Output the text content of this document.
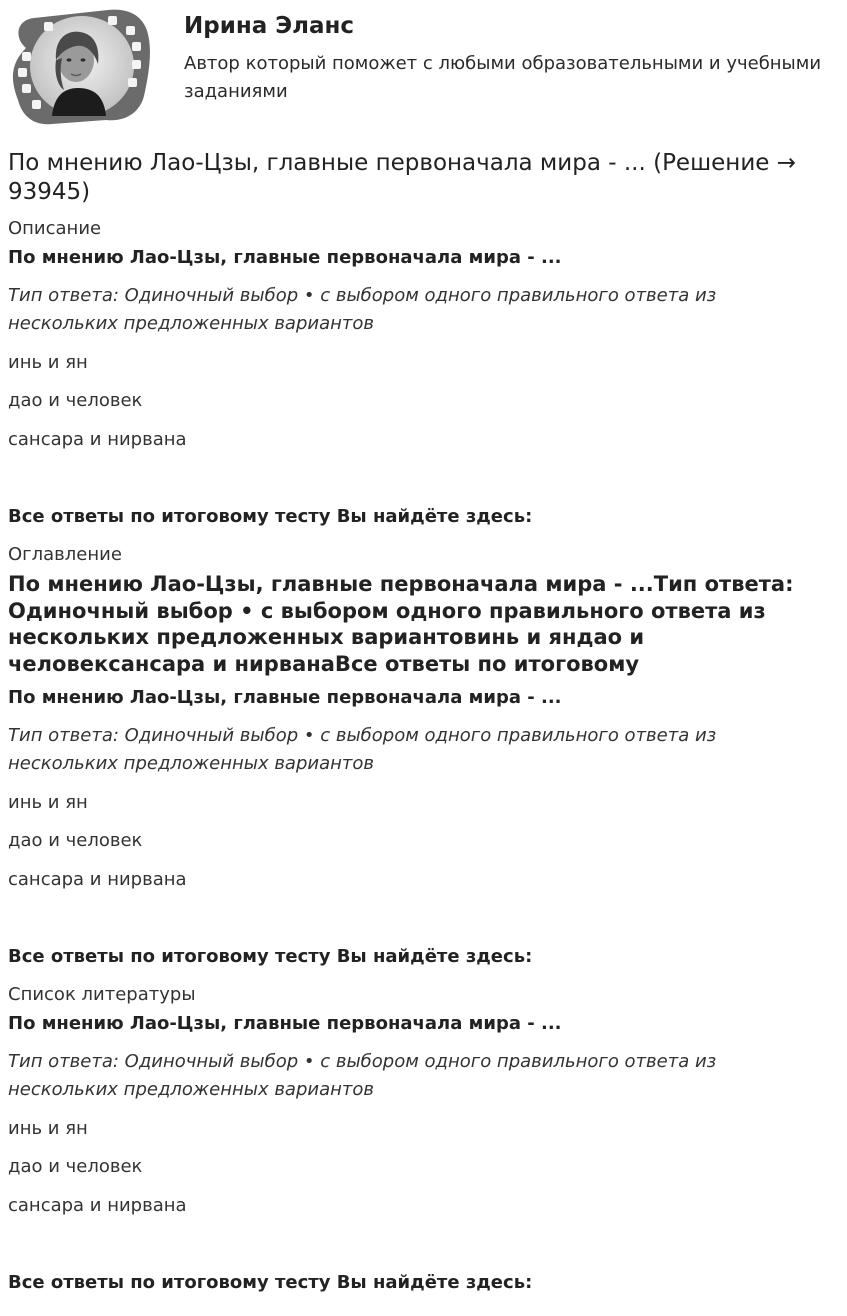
Ирина Эланс
Автор который поможет с любыми образовательными и учебными заданиями
По мнению Лао-Цзы, главные первоначала мира - ... (Решение → 93945)
Описание
По мнению Лао-Цзы, главные первоначала мира - ...
Тип ответа: Одиночный выбор • с выбором одного правильного ответа из нескольких предложенных вариантов
инь и ян
дао и человек
сансара и нирвана
Все ответы по итоговому тесту Вы найдёте здесь:
Оглавление
По мнению Лао-Цзы, главные первоначала мира - ...Тип ответа: Одиночный выбор • с выбором одного правильного ответа из нескольких предложенных вариантовинь и яндао и человексансара и нирванаВсе ответы по итоговому
По мнению Лао-Цзы, главные первоначала мира - ...
Тип ответа: Одиночный выбор • с выбором одного правильного ответа из нескольких предложенных вариантов
инь и ян
дао и человек
сансара и нирвана
Все ответы по итоговому тесту Вы найдёте здесь:
Список литературы
По мнению Лао-Цзы, главные первоначала мира - ...
Тип ответа: Одиночный выбор • с выбором одного правильного ответа из нескольких предложенных вариантов
инь и ян
дао и человек
сансара и нирвана
Все ответы по итоговому тесту Вы найдёте здесь:
